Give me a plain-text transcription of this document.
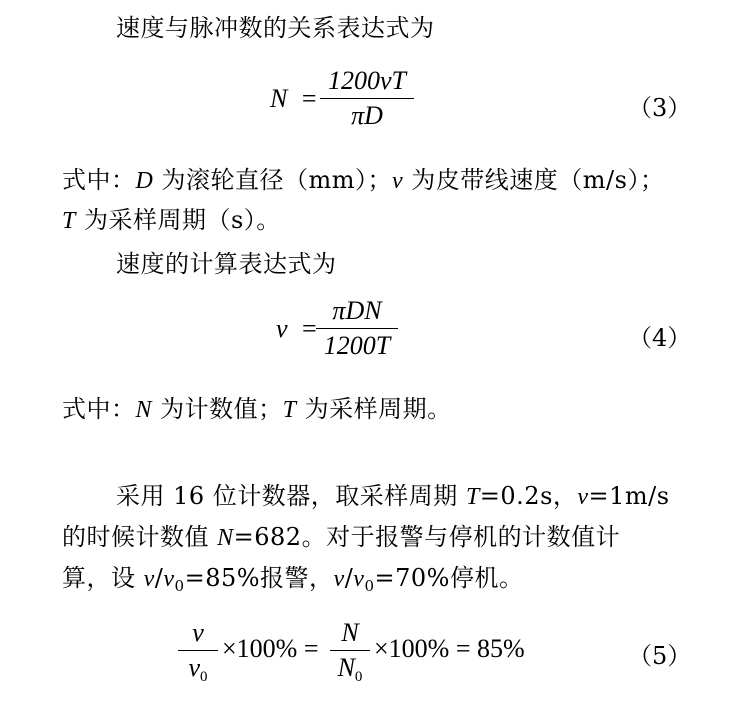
速度与脉冲数的关系表达式为
N =
1200vT
πD	（3）
式中：D 为滚轮直径（mm）；v 为皮带线速度（m/s）；
T 为采样周期（s）。
速度的计算表达式为
v =
πDN
1200T	（4）
式中：N 为计数值；T 为采样周期。
采用 16 位计数器，取采样周期 T=0.2s，v=1m/s
的时候计数值 N=682。对于报警与停机的计数值计
算，设 $v/v_0=85\%$报警，$v/v_0=70\%$停机。
v
$v_0$
×100% =
N
$N_0$
×100% = 85%	（5）
